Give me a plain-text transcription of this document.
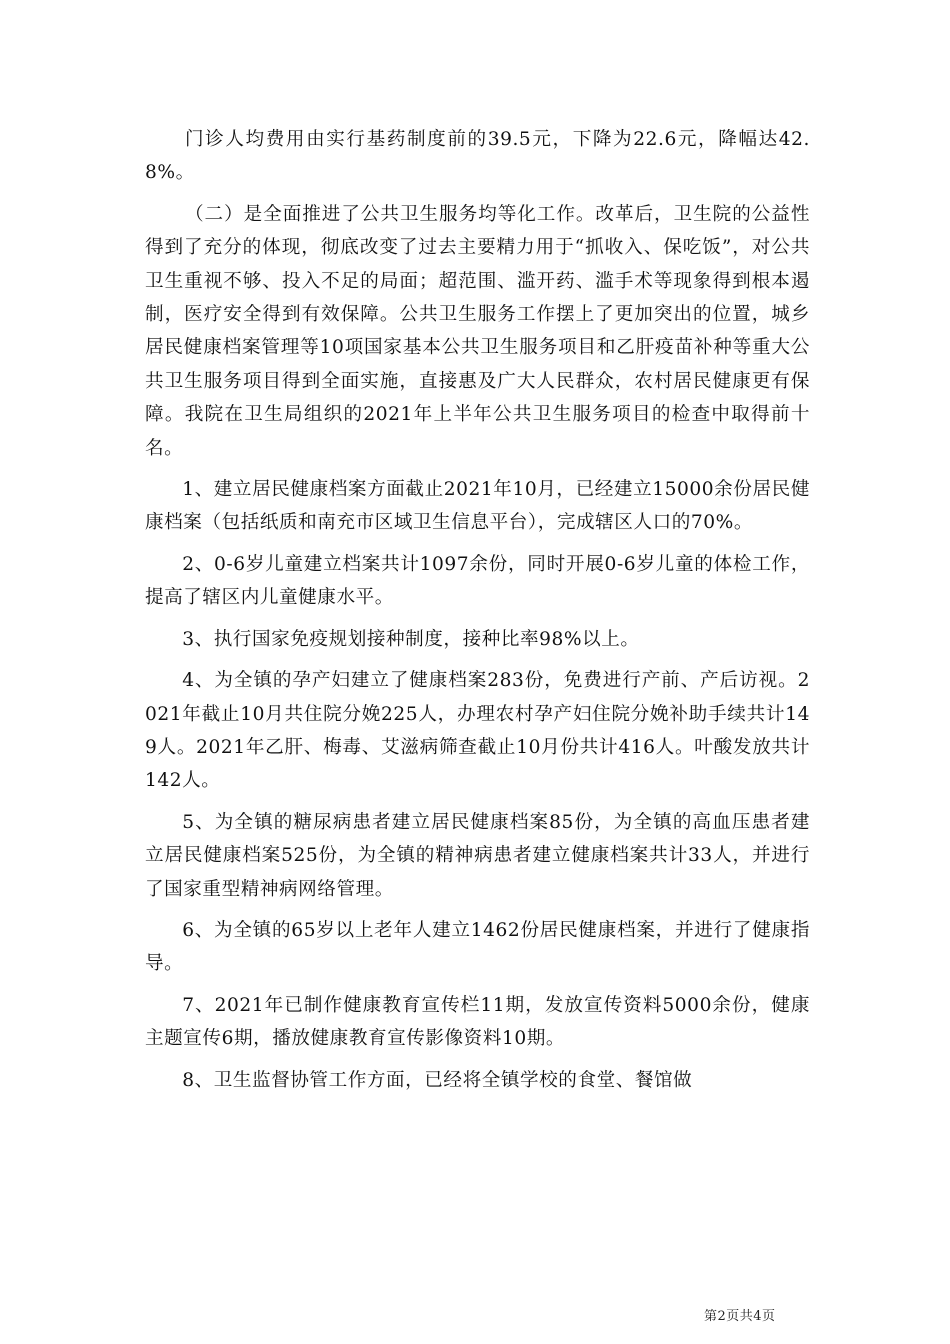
门诊人均费用由实行基药制度前的39.5元，下降为22.6元，降幅达42.8%。

（二）是全面推进了公共卫生服务均等化工作。改革后，卫生院的公益性得到了充分的体现，彻底改变了过去主要精力用于“抓收入、保吃饭”，对公共卫生重视不够、投入不足的局面；超范围、滥开药、滥手术等现象得到根本遏制，医疗安全得到有效保障。公共卫生服务工作摆上了更加突出的位置，城乡居民健康档案管理等10项国家基本公共卫生服务项目和乙肝疫苗补种等重大公共卫生服务项目得到全面实施，直接惠及广大人民群众，农村居民健康更有保障。我院在卫生局组织的2021年上半年公共卫生服务项目的检查中取得前十名。

1、建立居民健康档案方面截止2021年10月，已经建立15000余份居民健康档案（包括纸质和南充市区域卫生信息平台），完成辖区人口的70%。

2、0-6岁儿童建立档案共计1097余份，同时开展0-6岁儿童的体检工作，提高了辖区内儿童健康水平。

3、执行国家免疫规划接种制度，接种比率98%以上。

4、为全镇的孕产妇建立了健康档案283份，免费进行产前、产后访视。2021年截止10月共住院分娩225人，办理农村孕产妇住院分娩补助手续共计149人。2021年乙肝、梅毒、艾滋病筛查截止10月份共计416人。叶酸发放共计142人。

5、为全镇的糖尿病患者建立居民健康档案85份，为全镇的高血压患者建立居民健康档案525份，为全镇的精神病患者建立健康档案共计33人，并进行了国家重型精神病网络管理。

6、为全镇的65岁以上老年人建立1462份居民健康档案，并进行了健康指导。

7、2021年已制作健康教育宣传栏11期，发放宣传资料5000余份，健康主题宣传6期，播放健康教育宣传影像资料10期。

8、卫生监督协管工作方面，已经将全镇学校的食堂、餐馆做

第2页共4页
